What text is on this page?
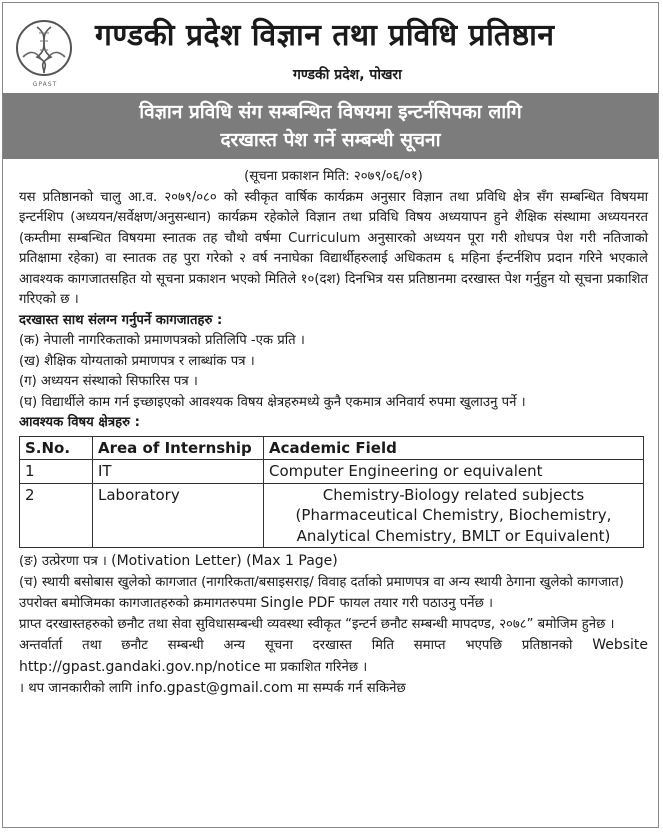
GPAST
गण्डकी प्रदेश विज्ञान तथा प्रविधि प्रतिष्ठान
गण्डकी प्रदेश, पोखरा
विज्ञान प्रविधि संग सम्बन्धित विषयमा इन्टर्नसिपका लागि
दरखास्त पेश गर्ने सम्बन्धी सूचना
(सूचना प्रकाशन मिति: २०७९/०६/०१)
यस प्रतिष्ठानको चालु आ.व. २०७९/०८० को स्वीकृत वार्षिक कार्यक्रम अनुसार विज्ञान तथा प्रविधि क्षेत्र सँग सम्बन्धित विषयमा इन्टर्नशिप (अध्ययन/सर्वेक्षण/अनुसन्धान) कार्यक्रम रहेकोले विज्ञान तथा प्रविधि विषय अध्ययापन हुने शैक्षिक संस्थामा अध्ययनरत (कम्तीमा सम्बन्धित विषयमा स्नातक तह चौथो वर्षमा Curriculum अनुसारको अध्ययन पूरा गरी शोधपत्र पेश गरी नतिजाको प्रतिक्षामा रहेका) वा स्नातक तह पुरा गरेको २ वर्ष ननाघेका विद्यार्थीहरुलाई अधिकतम ६ महिना ईन्टर्नशिप प्रदान गरिने भएकाले आवश्यक कागजातसहित यो सूचना प्रकाशन भएको मितिले १०(दश) दिनभित्र यस प्रतिष्ठानमा दरखास्त पेश गर्नुहुन यो सूचना प्रकाशित गरिएको छ ।
दरखास्त साथ संलग्न गर्नुपर्ने कागजातहरु :
(क) नेपाली नागरिकताको प्रमाणपत्रको प्रतिलिपि -एक प्रति ।
(ख) शैक्षिक योग्यताको प्रमाणपत्र र लाब्धांक पत्र ।
(ग) अध्ययन संस्थाको सिफारिस पत्र ।
(घ) विद्यार्थीले काम गर्न इच्छाइएको आवश्यक विषय क्षेत्रहरुमध्ये कुनै एकमात्र अनिवार्य रुपमा खुलाउनु पर्ने ।
आवश्यक विषय क्षेत्रहरु :
S.No.	Area of Internship	Academic Field
1	IT	Computer Engineering or equivalent
2	Laboratory	Chemistry-Biology related subjects
(Pharmaceutical Chemistry, Biochemistry,
Analytical Chemistry, BMLT or Equivalent)
(ङ) उत्प्रेरणा पत्र । (Motivation Letter) (Max 1 Page)
(च) स्थायी बसोबास खुलेको कागजात (नागरिकता/बसाइसराइ/ विवाह दर्ताको प्रमाणपत्र वा अन्य स्थायी ठेगाना खुलेको कागजात)
उपरोक्त बमोजिमका कागजातहरुको क्रमागतरुपमा Single PDF फायल तयार गरी पठाउनु पर्नेछ ।
प्राप्त दरखास्तहरुको छनौट तथा सेवा सुविधासम्बन्धी व्यवस्था स्वीकृत “इन्टर्न छनौट सम्बन्धी मापदण्ड, २०७८” बमोजिम हुनेछ ।
अन्तर्वार्ता तथा छनौट सम्बन्धी अन्य सूचना दरखास्त मिति समाप्त भएपछि प्रतिष्ठानको Website http://gpast.gandaki.gov.np/notice मा प्रकाशित गरिनेछ ।
। थप जानकारीको लागि info.gpast@gmail.com मा सम्पर्क गर्न सकिनेछ
